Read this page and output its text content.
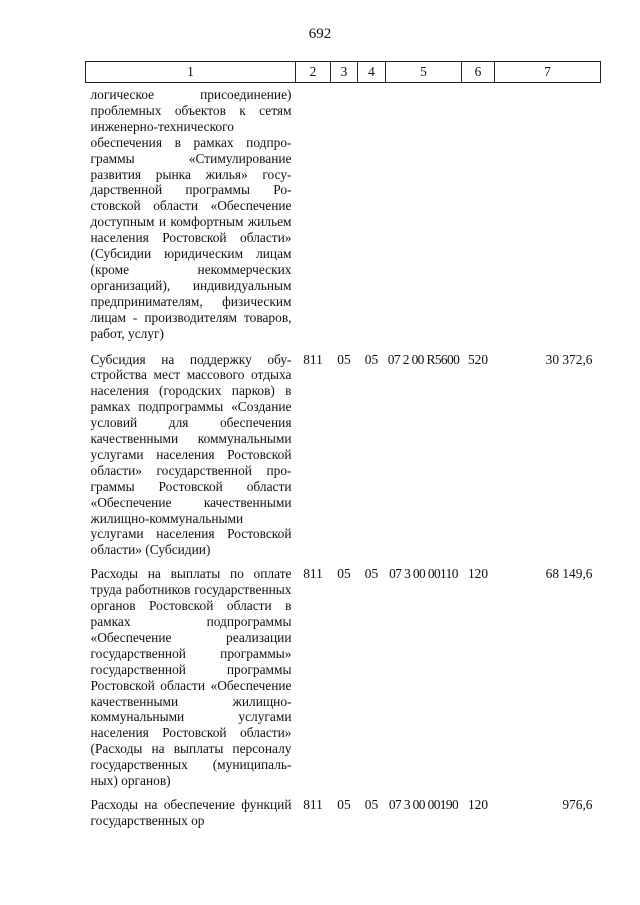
692
1	2	3	4	5	6	7
логическое присоединение) проблемных объектов к сетям инженерно-технического обеспечения в рамках подпрограммы «Стимулирование развития рынка жилья» государственной программы Ростовской области «Обеспечение доступным и комфортным жильем населения Ростовской области» (Субсидии юридическим лицам (кроме некоммерческих организаций), индивидуальным предпринимателям, физическим лицам - производителям товаров, работ, услуг)						
Субсидия на поддержку обустройства мест массового отдыха населения (городских парков) в рамках подпрограммы «Создание условий для обеспечения качественными коммунальными услугами населения Ростовской области» государственной программы Ростовской области «Обеспечение качественными жилищно-коммунальными услугами населения Ростовской области» (Субсидии)	811	05	05	07 2 00 R5600	520	30 372,6
Расходы на выплаты по оплате труда работников государственных органов Ростовской области в рамках подпрограммы «Обеспечение реализации государственной программы» государственной программы Ростовской области «Обеспечение качественными жилищно-коммунальными услугами населения Ростовской области» (Расходы на выплаты персоналу государственных (муниципальных) органов)	811	05	05	07 3 00 00110	120	68 149,6
Расходы на обеспечение функций государственных ор	811	05	05	07 3 00 00190	120	976,6
